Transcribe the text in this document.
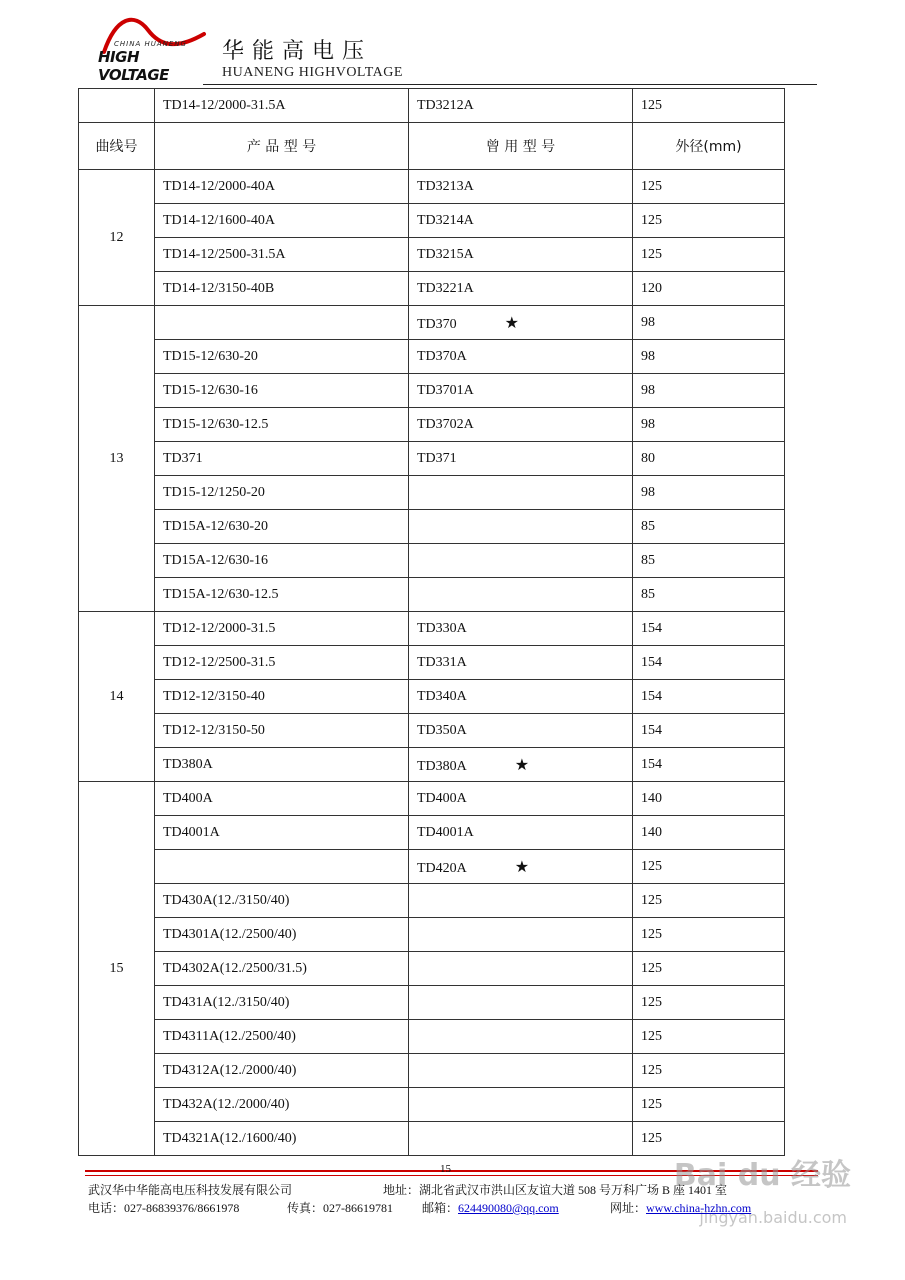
CHINA HUANENG
HIGH VOLTAGE
华能高电压
HUANENG HIGHVOLTAGE
	TD14-12/2000-31.5A	TD3212A	125
曲线号	产 品 型 号	曾 用 型 号	外径(mm)
12	TD14-12/2000-40A	TD3213A	125
	TD14-12/1600-40A	TD3214A	125
	TD14-12/2500-31.5A	TD3215A	125
	TD14-12/3150-40B	TD3221A	120
13		TD370 ★	98
	TD15-12/630-20	TD370A	98
	TD15-12/630-16	TD3701A	98
	TD15-12/630-12.5	TD3702A	98
	TD371	TD371	80
	TD15-12/1250-20		98
	TD15A-12/630-20		85
	TD15A-12/630-16		85
	TD15A-12/630-12.5		85
14	TD12-12/2000-31.5	TD330A	154
	TD12-12/2500-31.5	TD331A	154
	TD12-12/3150-40	TD340A	154
	TD12-12/3150-50	TD350A	154
	TD380A	TD380A ★	154
15	TD400A	TD400A	140
	TD4001A	TD4001A	140
		TD420A ★	125
	TD430A(12./3150/40)		125
	TD4301A(12./2500/40)		125
	TD4302A(12./2500/31.5)		125
	TD431A(12./3150/40)		125
	TD4311A(12./2500/40)		125
	TD4312A(12./2000/40)		125
	TD432A(12./2000/40)		125
	TD4321A(12./1600/40)		125
15
武汉华中华能高电压科技发展有限公司	地址：湖北省武汉市洪山区友谊大道 508 号万科广场 B 座 1401 室
电话：027-86839376/8661978	传真：027-86619781 邮箱：624490080@qq.com	网址：www.china-hzhn.com
Bai du 经验
jingyan.baidu.com
